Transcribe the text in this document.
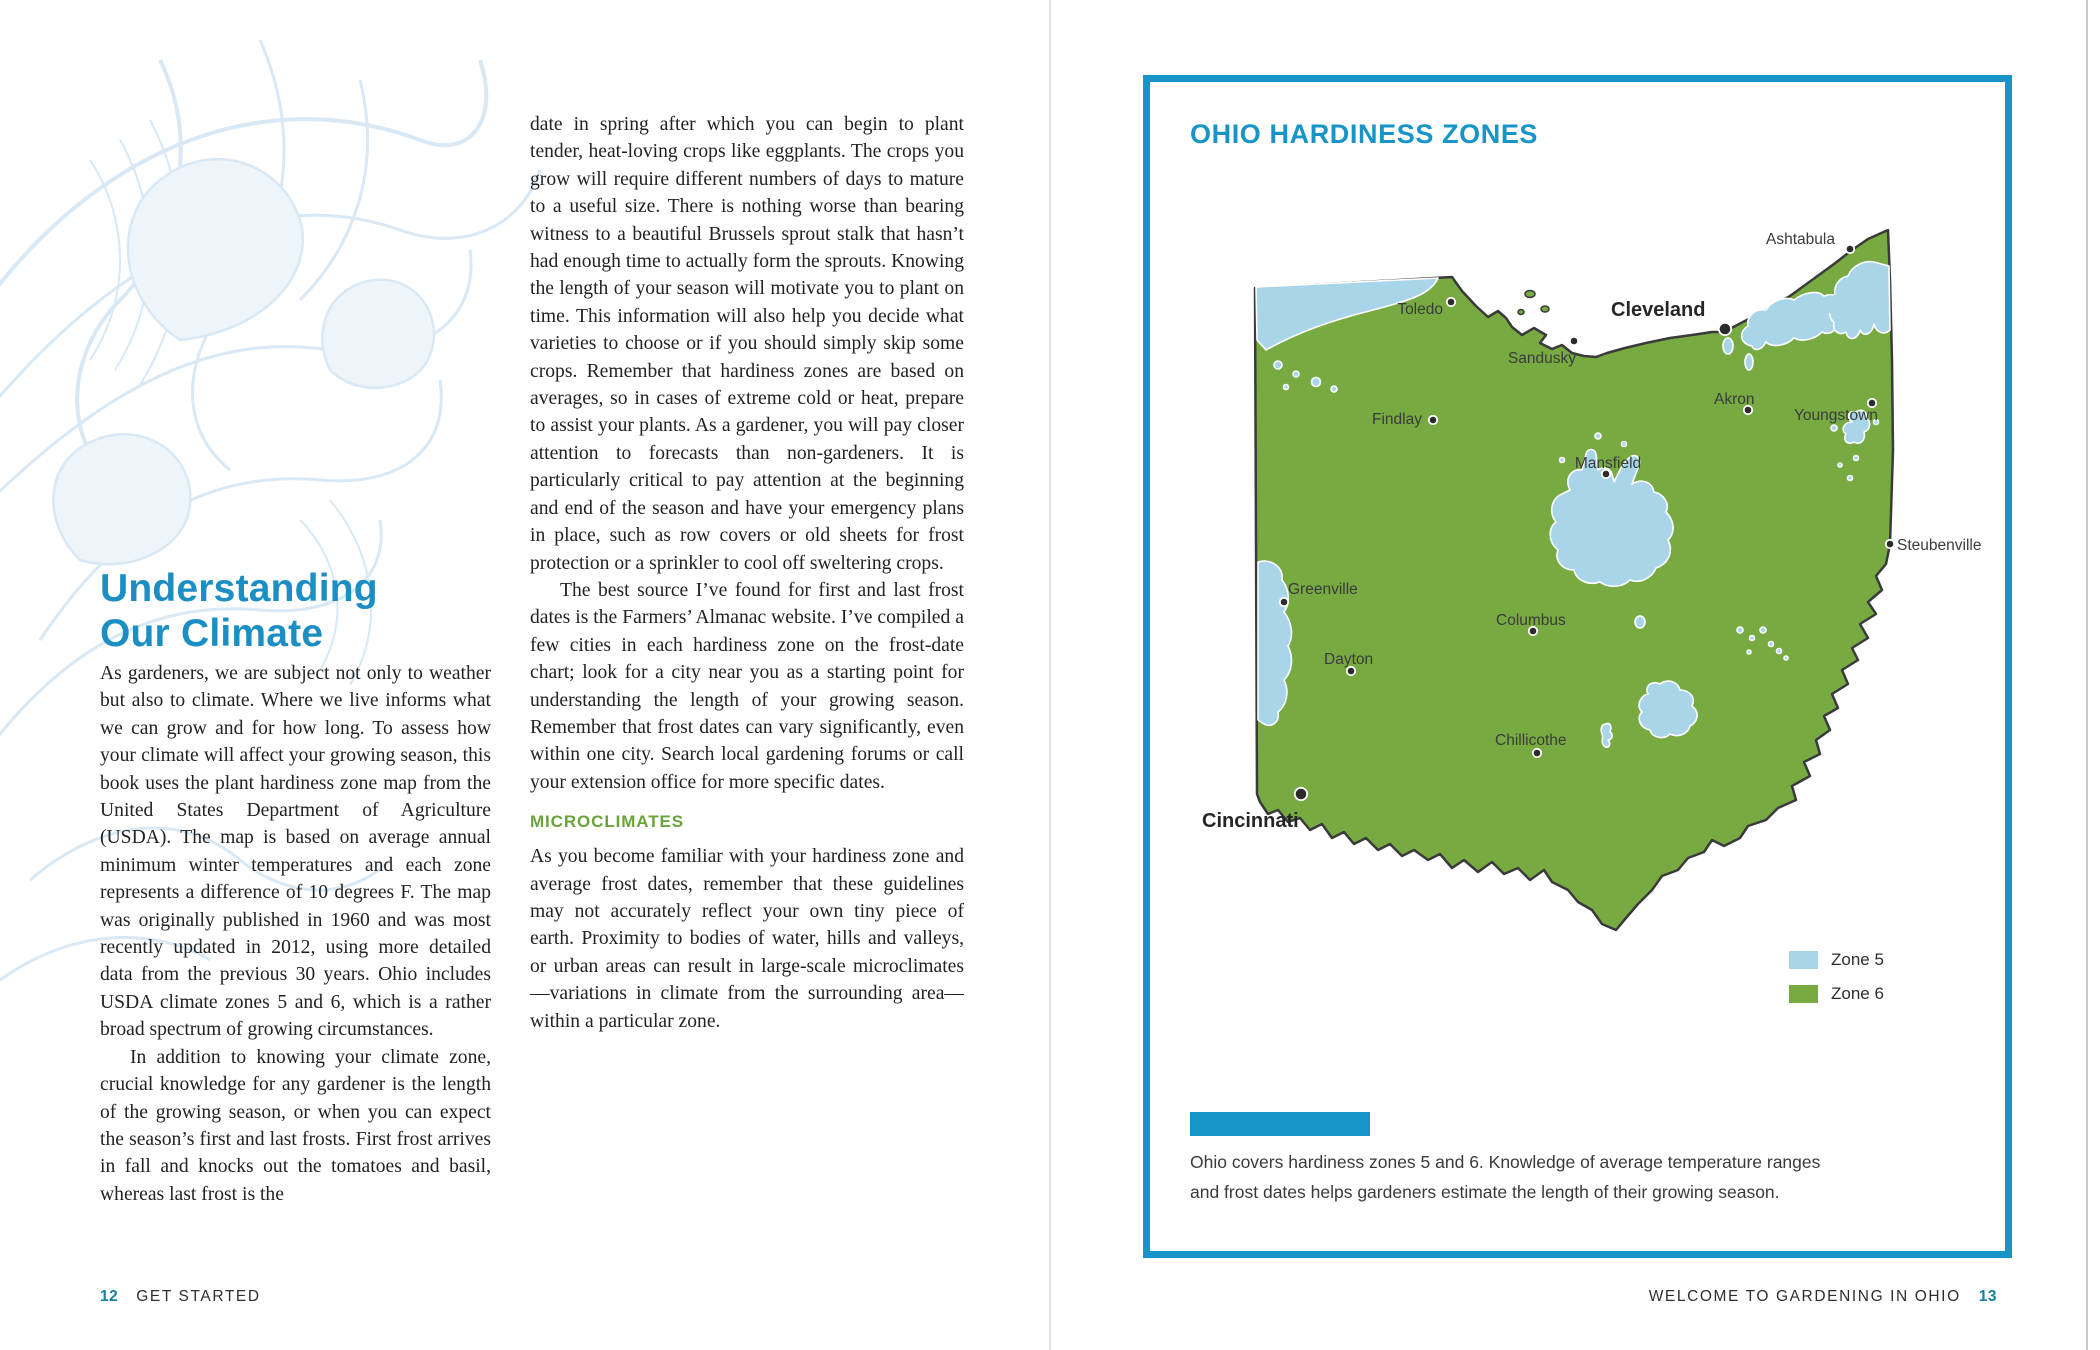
Understanding
Our Climate

As gardeners, we are subject not only to weather but also to climate. Where we live informs what we can grow and for how long. To assess how your climate will affect your growing season, this book uses the plant hardiness zone map from the United States Department of Agriculture (USDA). The map is based on average annual minimum winter temperatures and each zone represents a difference of 10 degrees F. The map was originally published in 1960 and was most recently updated in 2012, using more detailed data from the previous 30 years. Ohio includes USDA climate zones 5 and 6, which is a rather broad spectrum of growing circumstances.

In addition to knowing your climate zone, crucial knowledge for any gardener is the length of the growing season, or when you can expect the season’s first and last frosts. First frost arrives in fall and knocks out the tomatoes and basil, whereas last frost is the

date in spring after which you can begin to plant tender, heat-loving crops like eggplants. The crops you grow will require different numbers of days to mature to a useful size. There is nothing worse than bearing witness to a beautiful Brussels sprout stalk that hasn’t had enough time to actually form the sprouts. Knowing the length of your season will motivate you to plant on time. This information will also help you decide what varieties to choose or if you should simply skip some crops. Remember that hardiness zones are based on averages, so in cases of extreme cold or heat, prepare to assist your plants. As a gardener, you will pay closer attention to forecasts than non-gardeners. It is particularly critical to pay attention at the beginning and end of the season and have your emergency plans in place, such as row covers or old sheets for frost protection or a sprinkler to cool off sweltering crops.

The best source I’ve found for first and last frost dates is the Farmers’ Almanac website. I’ve compiled a few cities in each hardiness zone on the frost-date chart; look for a city near you as a starting point for understanding the length of your growing season. Remember that frost dates can vary significantly, even within one city. Search local gardening forums or call your extension office for more specific dates.

MICROCLIMATES

As you become familiar with your hardiness zone and average frost dates, remember that these guidelines may not accurately reflect your own tiny piece of earth. Proximity to bodies of water, hills and valleys, or urban areas can result in large-scale microclimates—variations in climate from the surrounding area—within a particular zone.

12 GET STARTED	WELCOME TO GARDENING IN OHIO 13
OHIO HARDINESS ZONES
Toledo	Cleveland
Sandusky
Ashtabula
Findlay
Akron
Youngstown
Mansfield
Steubenville
Greenville
Columbus
Dayton
Chillicothe
Cincinnati
Zone 5
Zone 6
Ohio covers hardiness zones 5 and 6. Knowledge of average temperature ranges and frost dates helps gardeners estimate the length of their growing season.
